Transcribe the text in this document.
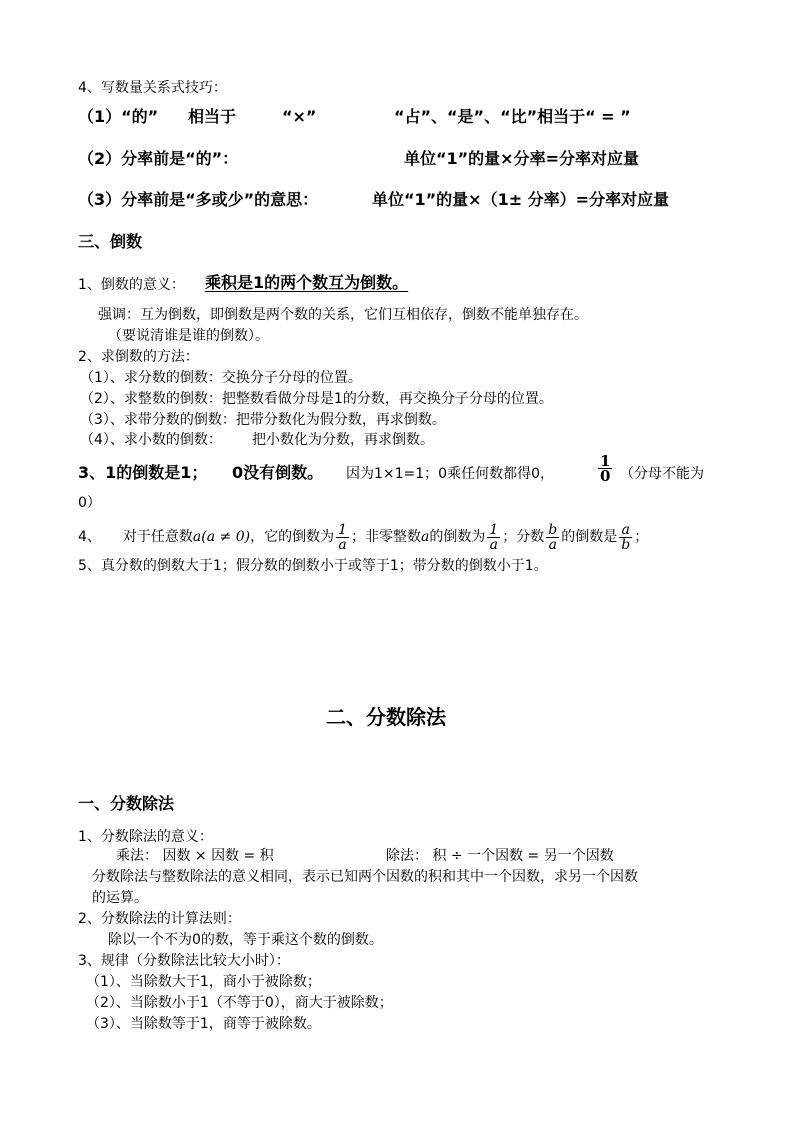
4、写数量关系式技巧：
（1）“的” 相当于	“×”	“占”、“是”、“比”相当于“ = ”
（2）分率前是“的”：	单位“1”的量×分率=分率对应量
（3）分率前是“多或少”的意思：	单位“1”的量×（1± 分率）=分率对应量
三、倒数
1、倒数的意义： 乘积是1的两个数互为倒数。
强调：互为倒数，即倒数是两个数的关系，它们互相依存，倒数不能单独存在。
（要说清谁是谁的倒数）。
2、求倒数的方法：
（1）、求分数的倒数：交换分子分母的位置。
（2）、求整数的倒数：把整数看做分母是1的分数，再交换分子分母的位置。
（3）、求带分数的倒数：把带分数化为假分数，再求倒数。
（4）、求小数的倒数： 把小数化为分数，再求倒数。
3、1的倒数是1； 0没有倒数。 因为1×1=1；0乘任何数都得0，	$\frac{1}{0}$ （分母不能为
0）
4、 对于任意数a(a ≠ 0)，它的倒数为 $\frac{1}{a}$ ；非零整数a的倒数为 $\frac{1}{a}$ ；分数 $\frac{b}{a}$ 的倒数是 $\frac{a}{b}$ ；
5、真分数的倒数大于1；假分数的倒数小于或等于1；带分数的倒数小于1。
二、分数除法
一、分数除法
1、分数除法的意义：
乘法： 因数 × 因数 = 积	除法： 积 ÷ 一个因数 = 另一个因数
分数除法与整数除法的意义相同，表示已知两个因数的积和其中一个因数，求另一个因数
的运算。
2、分数除法的计算法则：
除以一个不为0的数，等于乘这个数的倒数。
3、规律（分数除法比较大小时）：
（1）、当除数大于1，商小于被除数；
（2）、当除数小于1（不等于0），商大于被除数；
（3）、当除数等于1，商等于被除数。
